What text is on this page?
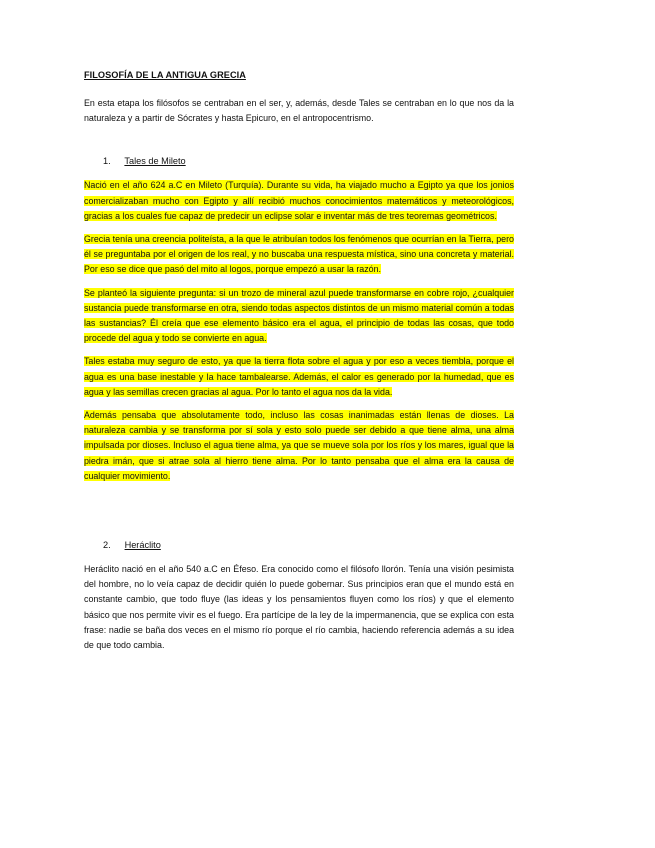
FILOSOFÍA DE LA ANTIGUA GRECIA

En esta etapa los filósofos se centraban en el ser, y, además, desde Tales se centraban en lo que nos da la naturaleza y a partir de Sócrates y hasta Epicuro, en el antropocentrismo.

1. Tales de Mileto

Nació en el año 624 a.C en Mileto (Turquía). Durante su vida, ha viajado mucho a Egipto ya que los jonios comercializaban mucho con Egipto y allí recibió muchos conocimientos matemáticos y meteorológicos, gracias a los cuales fue capaz de predecir un eclipse solar e inventar más de tres teoremas geométricos.

Grecia tenía una creencia politeísta, a la que le atribuían todos los fenómenos que ocurrían en la Tierra, pero él se preguntaba por el origen de los real, y no buscaba una respuesta mística, sino una concreta y material. Por eso se dice que pasó del mito al logos, porque empezó a usar la razón.

Se planteó la siguiente pregunta: si un trozo de mineral azul puede transformarse en cobre rojo, ¿cualquier sustancia puede transformarse en otra, siendo todas aspectos distintos de un mismo material común a todas las sustancias? Él creía que ese elemento básico era el agua, el principio de todas las cosas, que todo procede del agua y todo se convierte en agua.

Tales estaba muy seguro de esto, ya que la tierra flota sobre el agua y por eso a veces tiembla, porque el agua es una base inestable y la hace tambalearse. Además, el calor es generado por la humedad, que es agua y las semillas crecen gracias al agua. Por lo tanto el agua nos da la vida.

Además pensaba que absolutamente todo, incluso las cosas inanimadas están llenas de dioses. La naturaleza cambia y se transforma por sí sola y esto solo puede ser debido a que tiene alma, una alma impulsada por dioses. Incluso el agua tiene alma, ya que se mueve sola por los ríos y los mares, igual que la piedra imán, que si atrae sola al hierro tiene alma. Por lo tanto pensaba que el alma era la causa de cualquier movimiento.

2. Heráclito

Heráclito nació en el año 540 a.C en Éfeso. Era conocido como el filósofo llorón. Tenía una visión pesimista del hombre, no lo veía capaz de decidir quién lo puede gobernar. Sus principios eran que el mundo está en constante cambio, que todo fluye (las ideas y los pensamientos fluyen como los ríos) y que el elemento básico que nos permite vivir es el fuego. Era partícipe de la ley de la impermanencia, que se explica con esta frase: nadie se baña dos veces en el mismo río porque el río cambia, haciendo referencia además a su idea de que todo cambia.
